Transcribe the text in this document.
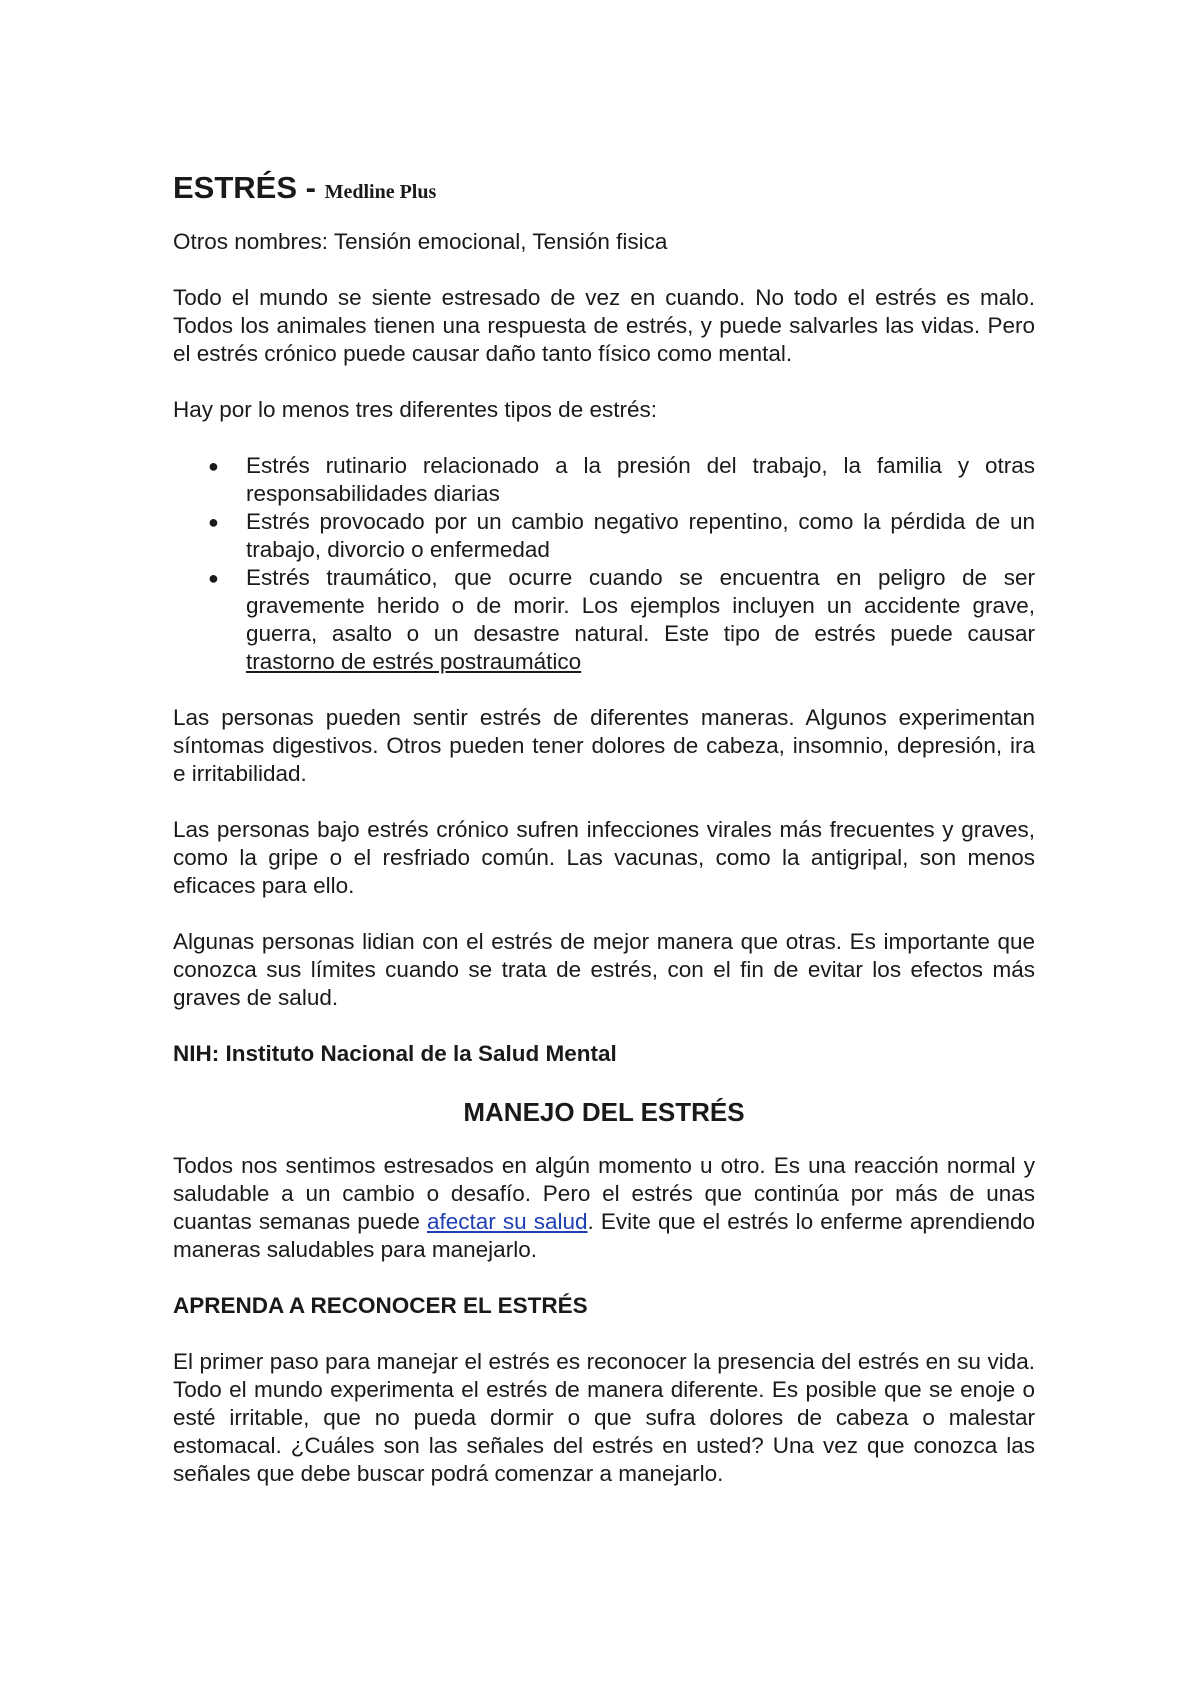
ESTRÉS - Medline Plus

Otros nombres: Tensión emocional, Tensión fisica

Todo el mundo se siente estresado de vez en cuando. No todo el estrés es malo. Todos los animales tienen una respuesta de estrés, y puede salvarles las vidas. Pero el estrés crónico puede causar daño tanto físico como mental.

Hay por lo menos tres diferentes tipos de estrés:

● Estrés rutinario relacionado a la presión del trabajo, la familia y otras responsabilidades diarias
● Estrés provocado por un cambio negativo repentino, como la pérdida de un trabajo, divorcio o enfermedad
● Estrés traumático, que ocurre cuando se encuentra en peligro de ser gravemente herido o de morir. Los ejemplos incluyen un accidente grave, guerra, asalto o un desastre natural. Este tipo de estrés puede causar trastorno de estrés postraumático

Las personas pueden sentir estrés de diferentes maneras. Algunos experimentan síntomas digestivos. Otros pueden tener dolores de cabeza, insomnio, depresión, ira e irritabilidad.

Las personas bajo estrés crónico sufren infecciones virales más frecuentes y graves, como la gripe o el resfriado común. Las vacunas, como la antigripal, son menos eficaces para ello.

Algunas personas lidian con el estrés de mejor manera que otras. Es importante que conozca sus límites cuando se trata de estrés, con el fin de evitar los efectos más graves de salud.

NIH: Instituto Nacional de la Salud Mental

MANEJO DEL ESTRÉS

Todos nos sentimos estresados en algún momento u otro. Es una reacción normal y saludable a un cambio o desafío. Pero el estrés que continúa por más de unas cuantas semanas puede afectar su salud. Evite que el estrés lo enferme aprendiendo maneras saludables para manejarlo.

APRENDA A RECONOCER EL ESTRÉS

El primer paso para manejar el estrés es reconocer la presencia del estrés en su vida. Todo el mundo experimenta el estrés de manera diferente. Es posible que se enoje o esté irritable, que no pueda dormir o que sufra dolores de cabeza o malestar estomacal. ¿Cuáles son las señales del estrés en usted? Una vez que conozca las señales que debe buscar podrá comenzar a manejarlo.
